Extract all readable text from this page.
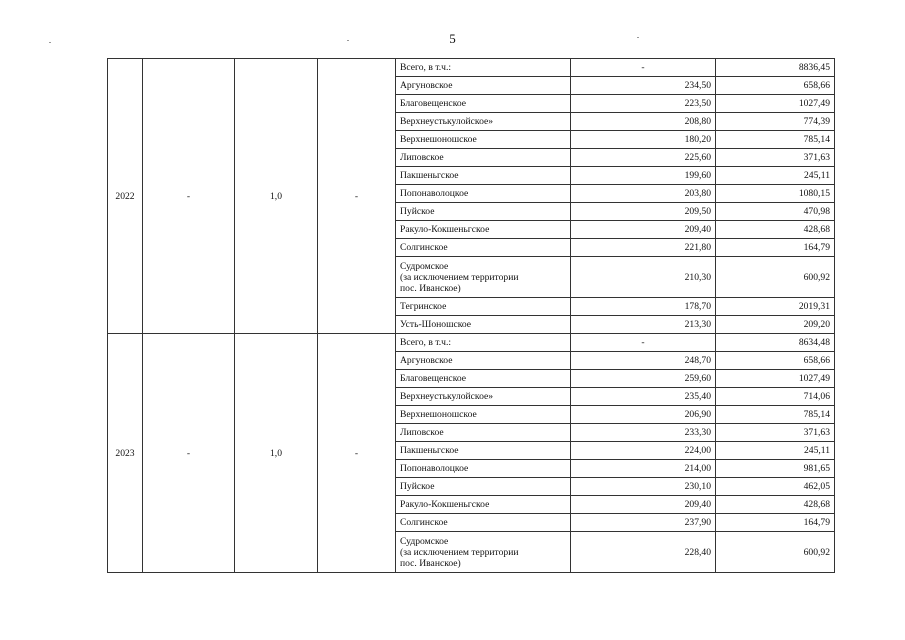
5
2022	-	1,0	-	Всего, в т.ч.:	-	8836,45
				Аргуновское	234,50	658,66
				Благовещенское	223,50	1027,49
				Верхнеустькулойское»	208,80	774,39
				Верхнешоношское	180,20	785,14
				Липовское	225,60	371,63
				Пакшеньгское	199,60	245,11
				Попонаволоцкое	203,80	1080,15
				Пуйское	209,50	470,98
				Ракуло-Кокшеньгское	209,40	428,68
				Солгинское	221,80	164,79
				Судромское
(за исключением территории
пос. Иванское)	210,30	600,92
				Тегринское	178,70	2019,31
				Усть-Шоношское	213,30	209,20
2023	-	1,0	-	Всего, в т.ч.:	-	8634,48
				Аргуновское	248,70	658,66
				Благовещенское	259,60	1027,49
				Верхнеустькулойское»	235,40	714,06
				Верхнешоношское	206,90	785,14
				Липовское	233,30	371,63
				Пакшеньгское	224,00	245,11
				Попонаволоцкое	214,00	981,65
				Пуйское	230,10	462,05
				Ракуло-Кокшеньгское	209,40	428,68
				Солгинское	237,90	164,79
				Судромское
(за исключением территории
пос. Иванское)	228,40	600,92
